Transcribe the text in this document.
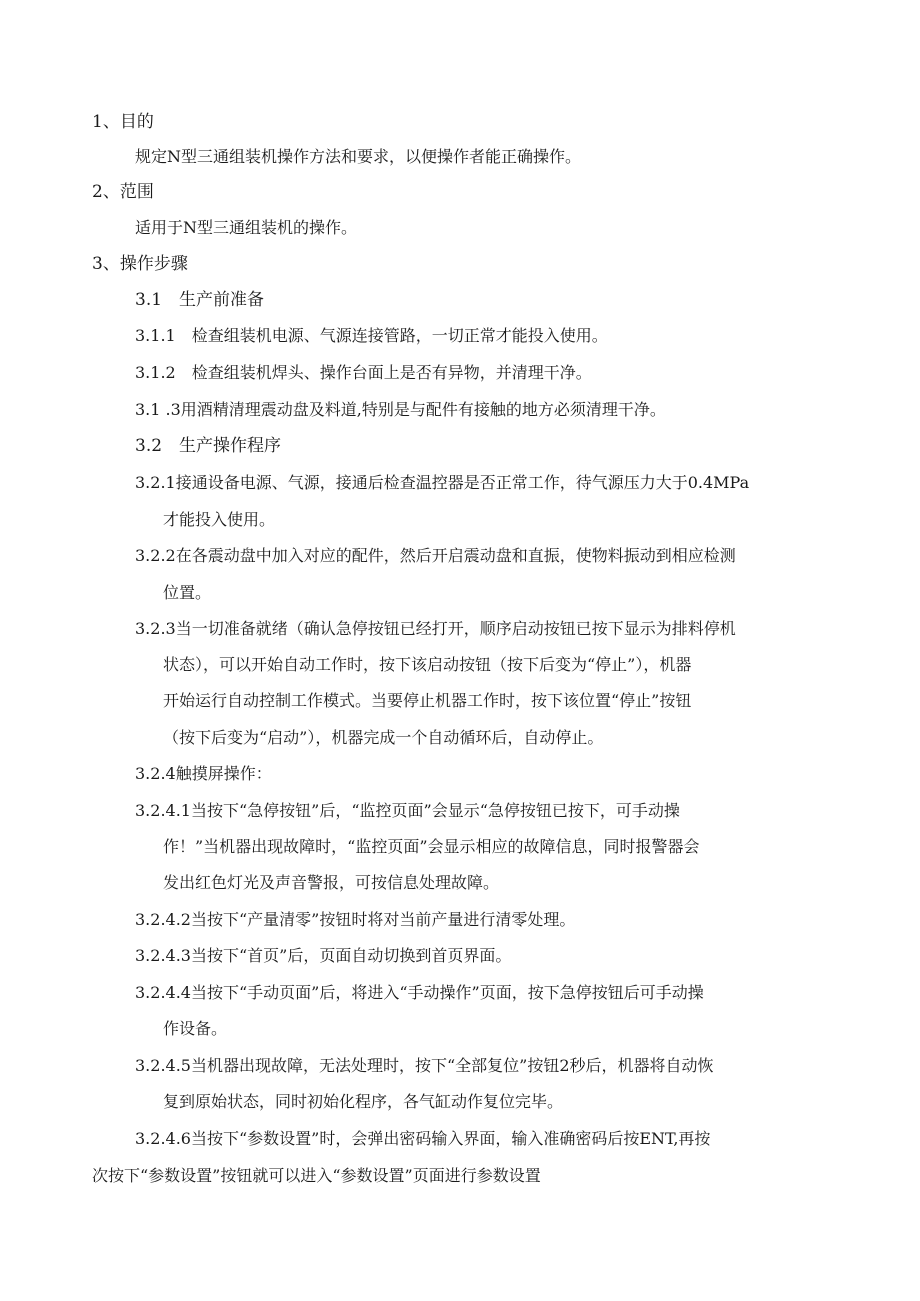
1、目的
规定N型三通组装机操作方法和要求，以便操作者能正确操作。
2、范围
适用于N型三通组装机的操作。
3、操作步骤
3.1　生产前准备
3.1.1　检查组装机电源、气源连接管路，一切正常才能投入使用。
3.1.2　检查组装机焊头、操作台面上是否有异物，并清理干净。
3.1 .3用酒精清理震动盘及料道,特别是与配件有接触的地方必须清理干净。
3.2　生产操作程序
3.2.1接通设备电源、气源，接通后检查温控器是否正常工作，待气源压力大于0.4MPa
才能投入使用。
3.2.2在各震动盘中加入对应的配件，然后开启震动盘和直振，使物料振动到相应检测
位置。
3.2.3当一切准备就绪（确认急停按钮已经打开，顺序启动按钮已按下显示为排料停机
状态），可以开始自动工作时，按下该启动按钮（按下后变为“停止”），机器
开始运行自动控制工作模式。当要停止机器工作时，按下该位置“停止”按钮
（按下后变为“启动”），机器完成一个自动循环后，自动停止。
3.2.4触摸屏操作：
3.2.4.1当按下“急停按钮”后，“监控页面”会显示“急停按钮已按下，可手动操
作！”当机器出现故障时，“监控页面”会显示相应的故障信息，同时报警器会
发出红色灯光及声音警报，可按信息处理故障。
3.2.4.2当按下“产量清零”按钮时将对当前产量进行清零处理。
3.2.4.3当按下“首页”后，页面自动切换到首页界面。
3.2.4.4当按下“手动页面”后，将进入“手动操作”页面，按下急停按钮后可手动操
作设备。
3.2.4.5当机器出现故障，无法处理时，按下“全部复位”按钮2秒后，机器将自动恢
复到原始状态，同时初始化程序，各气缸动作复位完毕。
3.2.4.6当按下“参数设置”时，会弹出密码输入界面，输入准确密码后按ENT,再按
次按下“参数设置”按钮就可以进入“参数设置”页面进行参数设置
